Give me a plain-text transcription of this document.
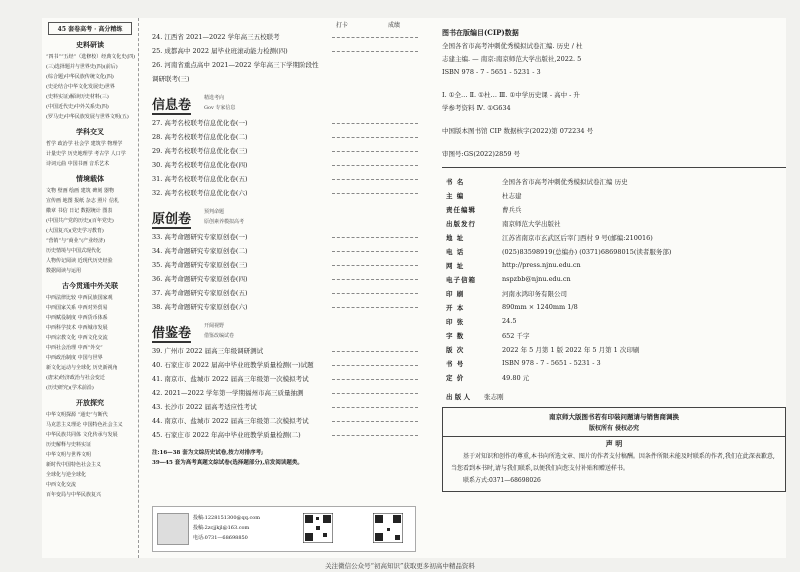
45 套卷高考 · 高分精练
史料研读
“四书”“五经”（选修校）经典文化史(四)
(三)选择题并与世界史(四)(前后)
(综合题)中华民族传统文化(四)
(史论结合中华文化发展史)世界
(史料实证)解读历史材料(三)
(中国近代史)中外关系史(四)
(罗马史)中华民族发展与世界文明(五)
学科交叉
哲学 政治学 社会学 建筑学 物理学
计量史学 历史地理学 考古学 人口学
诗词元曲 中国书画 音乐艺术
情境载体
文物 壁画 绘画 建筑 碑刻 器物
宣传画 地图 报纸 杂志 照片 信札
徽章 书信 日记 数据统计 图表
(中国共产党的历史)(百年党史)
(大国复兴)(党史学习教育)
“营销”与“商业”(产业经济)
历史情境与中国式现代化
人物传记阅读 近现代历史经验
数据阅读与运用
古今贯通中外关联
中西法律比较 中西民族国家观
中西国家关系 中西对外贸易
中西赋役制度 中西货币体系
中西科学技术 中西城市发展
中西宗教文化 中西文化交流
中西社会治理 中西“外交”
中西政治制度 中国与世界
新文化运动与全球化 历史新视角
(唐宋)经济政治与社会变迁
(历史研究)(学术前沿)
开放探究
中华文明探源 “通史”与断代
马克思主义理论 中国特色社会主义
中华民族共同体 文化传承与发展
历史解释与史料实证
中华文明与世界文明
新时代中国特色社会主义
全球化与逆全球化
中西文化交流
百年变局与中华民族复兴
打卡	成绩
24. 江西省 2021—2022 学年高三五校联考
25. 成都高中 2022 届毕业班滚动能力检测(四)
26. 河南省重点高中 2021—2022 学年高三下学期阶段性
调研联考(三)
信息卷	精选考向
Gov 专家信息
27. 高考名校联考信息优化卷(一)
28. 高考名校联考信息优化卷(二)
29. 高考名校联考信息优化卷(三)
30. 高考名校联考信息优化卷(四)
31. 高考名校联考信息优化卷(五)
32. 高考名校联考信息优化卷(六)
原创卷	预判命题
原创素养模拟高考
33. 高考命题研究专家原创卷(一)
34. 高考命题研究专家原创卷(二)
35. 高考命题研究专家原创卷(三)
36. 高考命题研究专家原创卷(四)
37. 高考命题研究专家原创卷(五)
38. 高考命题研究专家原创卷(六)
借鉴卷	开阔视野
借鉴改编试卷
39. 广州市 2022 届高三年级调研测试
40. 石家庄市 2022 届高中毕业班教学质量检测(一)试题
41. 南京市、盐城市 2022 届高三年级第一次模拟考试
42. 2021—2022 学年第一学期福州市高三质量抽测
43. 长沙市 2022 届高考适应性考试
44. 南京市、盐城市 2022 届高三年级第二次模拟考试
45. 石家庄市 2022 年高中毕业班教学质量检测(二)
注:16—38 套为文综历史试卷,按力对排序考;
39—45 套为高考真题文综试卷(选择题部分),启发阅读题类。
投稿:1228151300@qq.com
投稿:2zcjjkjl@163.com
电话:0731—68698850
图书在版编目(CIP)数据
全国各省市高考冲刺优秀模拟试卷汇编. 历史 / 杜
志建主编. — 南京:南京师范大学出版社,2022. 5
ISBN 978 - 7 - 5651 - 5231 - 3
Ⅰ. ①全… Ⅱ. ①杜… Ⅲ. ①中学历史课 - 高中 - 升
学参考资料 Ⅳ. ①G634
中国版本图书馆 CIP 数据核字(2022)第 072234 号
审图号:GS(2022)2859 号
书 名	全国各省市高考冲刺优秀模拟试卷汇编 历史
主 编	杜志建
责任编辑	曹兵兵
出版发行	南京师范大学出版社
地 址	江苏省南京市玄武区后宰门西村 9 号(邮编:210016)
电 话	(025)83598919(总编办) (0371)68698015(读者服务部)
网 址	http://press.njnu.edu.cn
电子信箱	nspzbb@njnu.edu.cn
印 刷	河南永鸿印务有限公司
开 本	890mm × 1240mm 1/8
印 张	24.5
字 数	652 千字
版 次	2022 年 5 月第 1 版 2022 年 5 月第 1 次印刷
书 号	ISBN 978 - 7 - 5651 - 5231 - 3
定 价	49.80 元
出 版 人 张志刚
南京师大版图书若有印装问题请与销售商调换
版权所有 侵权必究
声 明

基于对知识和创作的尊重,本书向所选文章、图片的作者支付稿酬。因条件所限未能及时联系的作者,我们在此深表歉意,当您看到本书时,请与我们联系,以便我们向您支付补贴和赠送样书。

联系方式:0371—68698026

关注微信公众号“初高知识”获取更多初高中精品资料
